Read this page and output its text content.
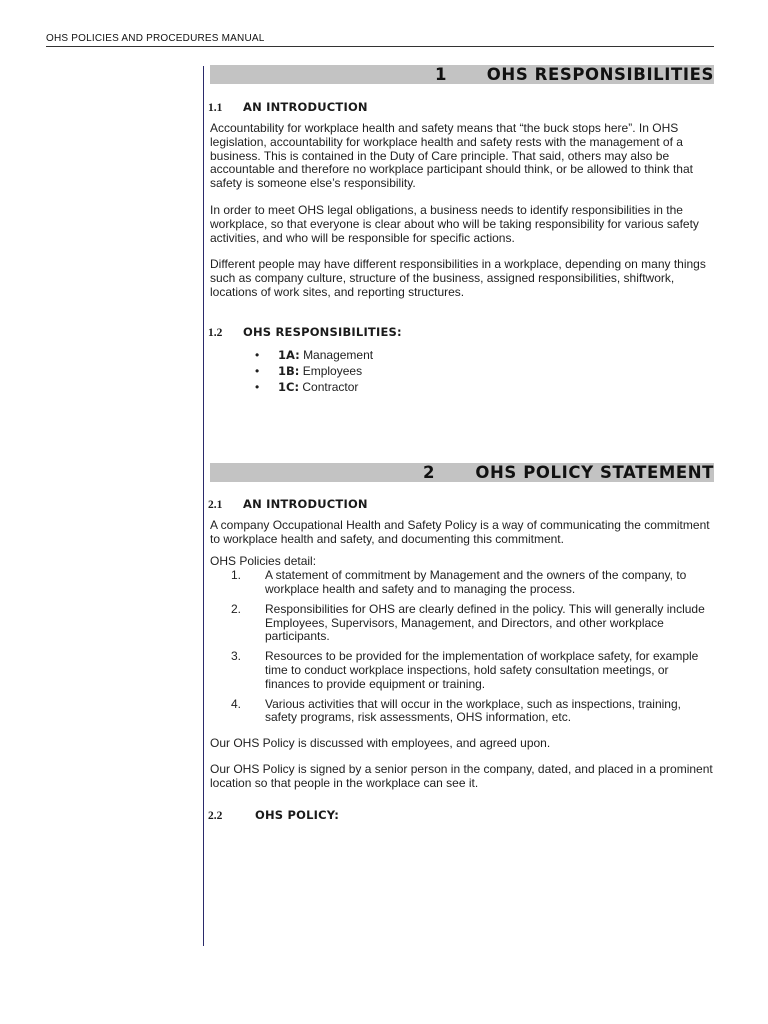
OHS POLICIES AND PROCEDURES MANUAL
1 OHS RESPONSIBILITIES
1.1 AN INTRODUCTION

Accountability for workplace health and safety means that “the buck stops here”. In OHS legislation, accountability for workplace health and safety rests with the management of a business. This is contained in the Duty of Care principle. That said, others may also be accountable and therefore no workplace participant should think, or be allowed to think that safety is someone else’s responsibility.

In order to meet OHS legal obligations, a business needs to identify responsibilities in the workplace, so that everyone is clear about who will be taking responsibility for various safety activities, and who will be responsible for specific actions.

Different people may have different responsibilities in a workplace, depending on many things such as company culture, structure of the business, assigned responsibilities, shiftwork, locations of work sites, and reporting structures.

1.2 OHS RESPONSIBILITIES:
• 1A: Management
• 1B: Employees
• 1C: Contractor
2 OHS POLICY STATEMENT
2.1 AN INTRODUCTION

A company Occupational Health and Safety Policy is a way of communicating the commitment to workplace health and safety, and documenting this commitment.

OHS Policies detail:

1. A statement of commitment by Management and the owners of the company, to workplace health and safety and to managing the process.
2. Responsibilities for OHS are clearly defined in the policy. This will generally include Employees, Supervisors, Management, and Directors, and other workplace participants.
3. Resources to be provided for the implementation of workplace safety, for example time to conduct workplace inspections, hold safety consultation meetings, or finances to provide equipment or training.
4. Various activities that will occur in the workplace, such as inspections, training, safety programs, risk assessments, OHS information, etc.

Our OHS Policy is discussed with employees, and agreed upon.

Our OHS Policy is signed by a senior person in the company, dated, and placed in a prominent location so that people in the workplace can see it.

2.2	OHS POLICY:
